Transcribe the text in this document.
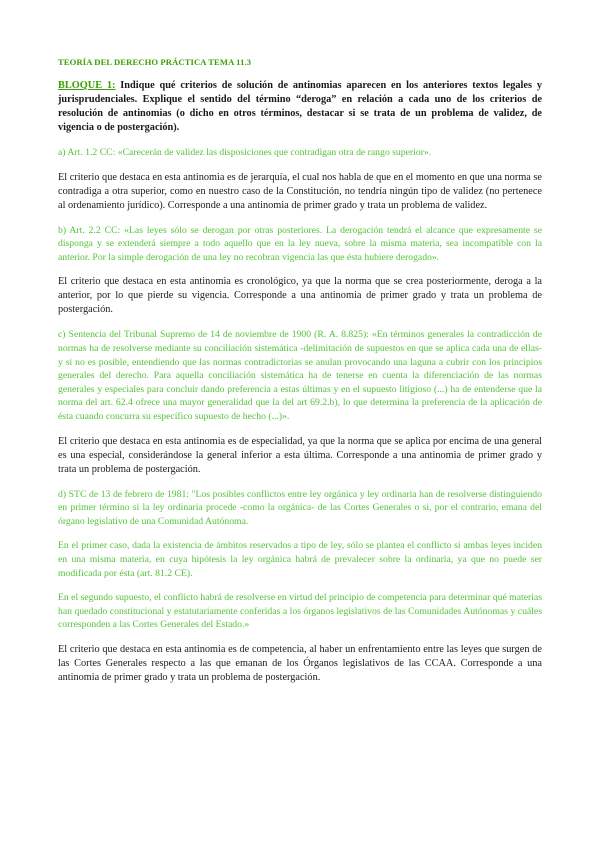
TEORÍA DEL DERECHO PRÁCTICA TEMA 11.3
BLOQUE 1: Indique qué criterios de solución de antinomias aparecen en los anteriores textos legales y jurisprudenciales. Explique el sentido del término “deroga” en relación a cada uno de los criterios de resolución de antinomias (o dicho en otros términos, destacar si se trata de un problema de validez, de vigencia o de postergación).

a) Art. 1.2 CC: «Carecerán de validez las disposiciones que contradigan otra de rango superior».

El criterio que destaca en esta antinomia es de jerarquía, el cual nos habla de que en el momento en que una norma se contradiga a otra superior, como en nuestro caso de la Constitución, no tendría ningún tipo de validez (no pertenece al ordenamiento jurídico). Corresponde a una antinomia de primer grado y trata un problema de validez.

b) Art. 2.2 CC: «Las leyes sólo se derogan por otras posteriores. La derogación tendrá el alcance que expresamente se disponga y se extenderá siempre a todo aquello que en la ley nueva, sobre la misma materia, sea incompatible con la anterior. Por la simple derogación de una ley no recobran vigencia las que ésta hubiere derogado».

El criterio que destaca en esta antinomia es cronológico, ya que la norma que se crea posteriormente, deroga a la anterior, por lo que pierde su vigencia. Corresponde a una antinomia de primer grado y trata un problema de postergación.

c) Sentencia del Tribunal Supremo de 14 de noviembre de 1900 (R. A. 8.825): «En términos generales la contradicción de normas ha de resolverse mediante su conciliación sistemática -delimitación de supuestos en que se aplica cada una de ellas- y si no es posible, entendiendo que las normas contradictorias se anulan provocando una laguna a cubrir con los principios generales del derecho. Para aquella conciliación sistemática ha de tenerse en cuenta la diferenciación de las normas generales y especiales para concluir dando preferencia a estas últimas y en el supuesto litigioso (...) ha de entenderse que la norma del art. 62.4 ofrece una mayor generalidad que la del art 69.2.b), lo que determina la preferencia de la aplicación de ésta cuando concurra su específico supuesto de hecho (...)».

El criterio que destaca en esta antinomia es de especialidad, ya que la norma que se aplica por encima de una general es una especial, considerándose la general inferior a esta última. Corresponde a una antinomia de primer grado y trata un problema de postergación.

d) STC de 13 de febrero de 1981: "Los posibles conflictos entre ley orgánica y ley ordinaria han de resolverse distinguiendo en primer término si la ley ordinaria procede -como la orgánica- de las Cortes Generales o si, por el contrario, emana del órgano legislativo de una Comunidad Autónoma.

En el primer caso, dada la existencia de ámbitos reservados a tipo de ley, sólo se plantea el conflicto si ambas leyes inciden en una misma materia, en cuya hipótesis la ley orgánica habrá de prevalecer sobre la ordinaria, ya que no puede ser modificada por ésta (art. 81.2 CE).

En el segundo supuesto, el conflicto habrá de resolverse en virtud del principio de competencia para determinar qué materias han quedado constitucional y estatutariamente conferidas a los órganos legislativos de las Comunidades Autónomas y cuáles corresponden a las Cortes Generales del Estado.»

El criterio que destaca en esta antinomia es de competencia, al haber un enfrentamiento entre las leyes que surgen de las Cortes Generales respecto a las que emanan de los Órganos legislativos de las CCAA. Corresponde a una antinomia de primer grado y trata un problema de postergación.
